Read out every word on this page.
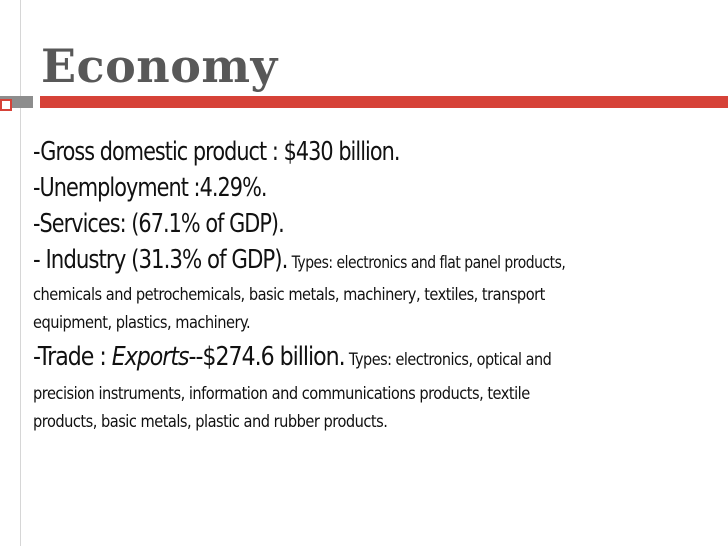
Economy

-Gross domestic product : $430 billion.

-Unemployment :4.29%.

-Services: (67.1% of GDP).

- Industry (31.3% of GDP). Types: electronics and flat panel products,

chemicals and petrochemicals, basic metals, machinery, textiles, transport

equipment, plastics, machinery.

-Trade : Exports--$274.6 billion. Types: electronics, optical and

precision instruments, information and communications products, textile

products, basic metals, plastic and rubber products.
